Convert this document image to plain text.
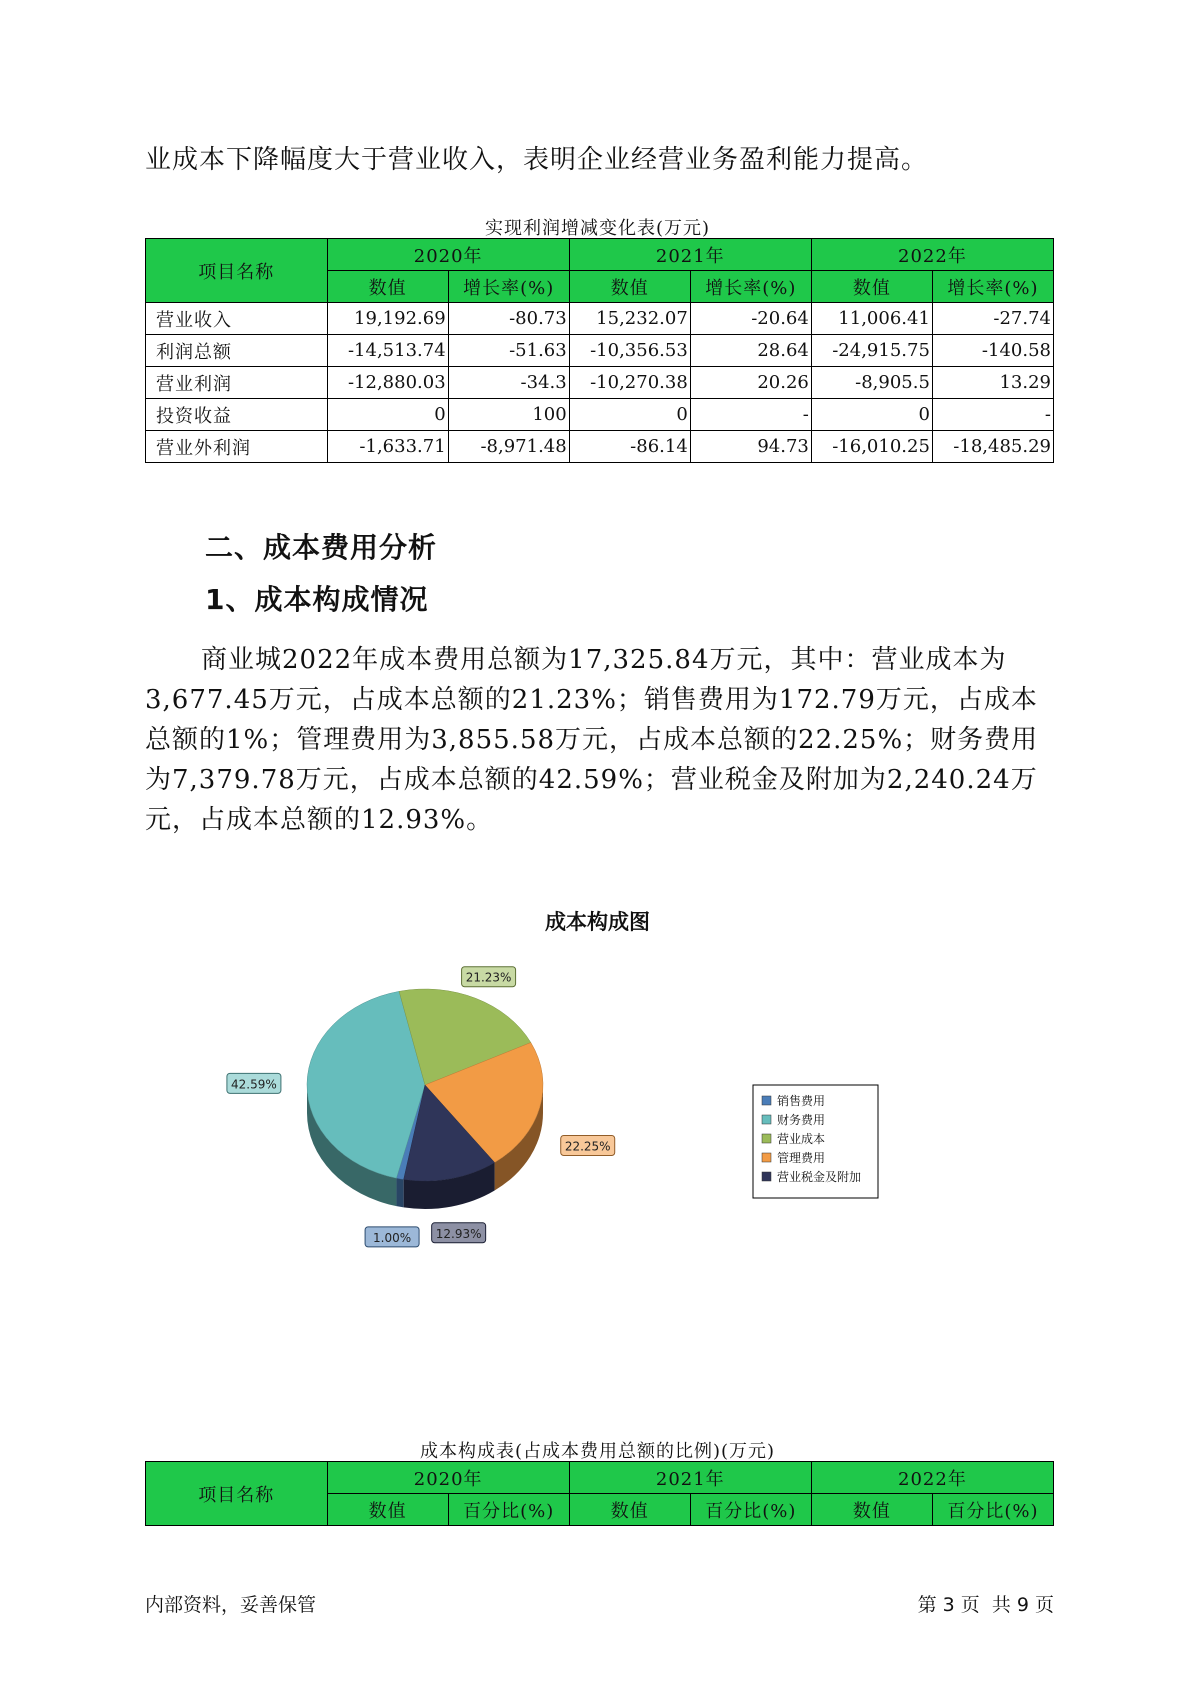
业成本下降幅度大于营业收入，表明企业经营业务盈利能力提高。
实现利润增减变化表(万元)
项目名称	2020年		2021年		2022年	
	数值	增长率(%)	数值	增长率(%)	数值	增长率(%)
营业收入	19,192.69	-80.73	15,232.07	-20.64	11,006.41	-27.74
利润总额	-14,513.74	-51.63	-10,356.53	28.64	-24,915.75	-140.58
营业利润	-12,880.03	-34.3	-10,270.38	20.26	-8,905.5	13.29
投资收益	0	100	0	-	0	-
营业外利润	-1,633.71	-8,971.48	-86.14	94.73	-16,010.25	-18,485.29
二、成本费用分析
1、成本构成情况
商业城2022年成本费用总额为17,325.84万元，其中：营业成本为3,677.45万元，占成本总额的21.23%；销售费用为172.79万元，占成本总额的1%；管理费用为3,855.58万元，占成本总额的22.25%；财务费用为7,379.78万元，占成本总额的42.59%；营业税金及附加为2,240.24万元，占成本总额的12.93%。
成本构成图
1.00%
42.59%
21.23%
22.25%
12.93%
销售费用
财务费用
营业成本
管理费用
营业税金及附加
成本构成表(占成本费用总额的比例)(万元)
项目名称	2020年		2021年		2022年	
	数值	百分比(%)	数值	百分比(%)	数值	百分比(%)
内部资料，妥善保管	第 3 页  共 9 页
